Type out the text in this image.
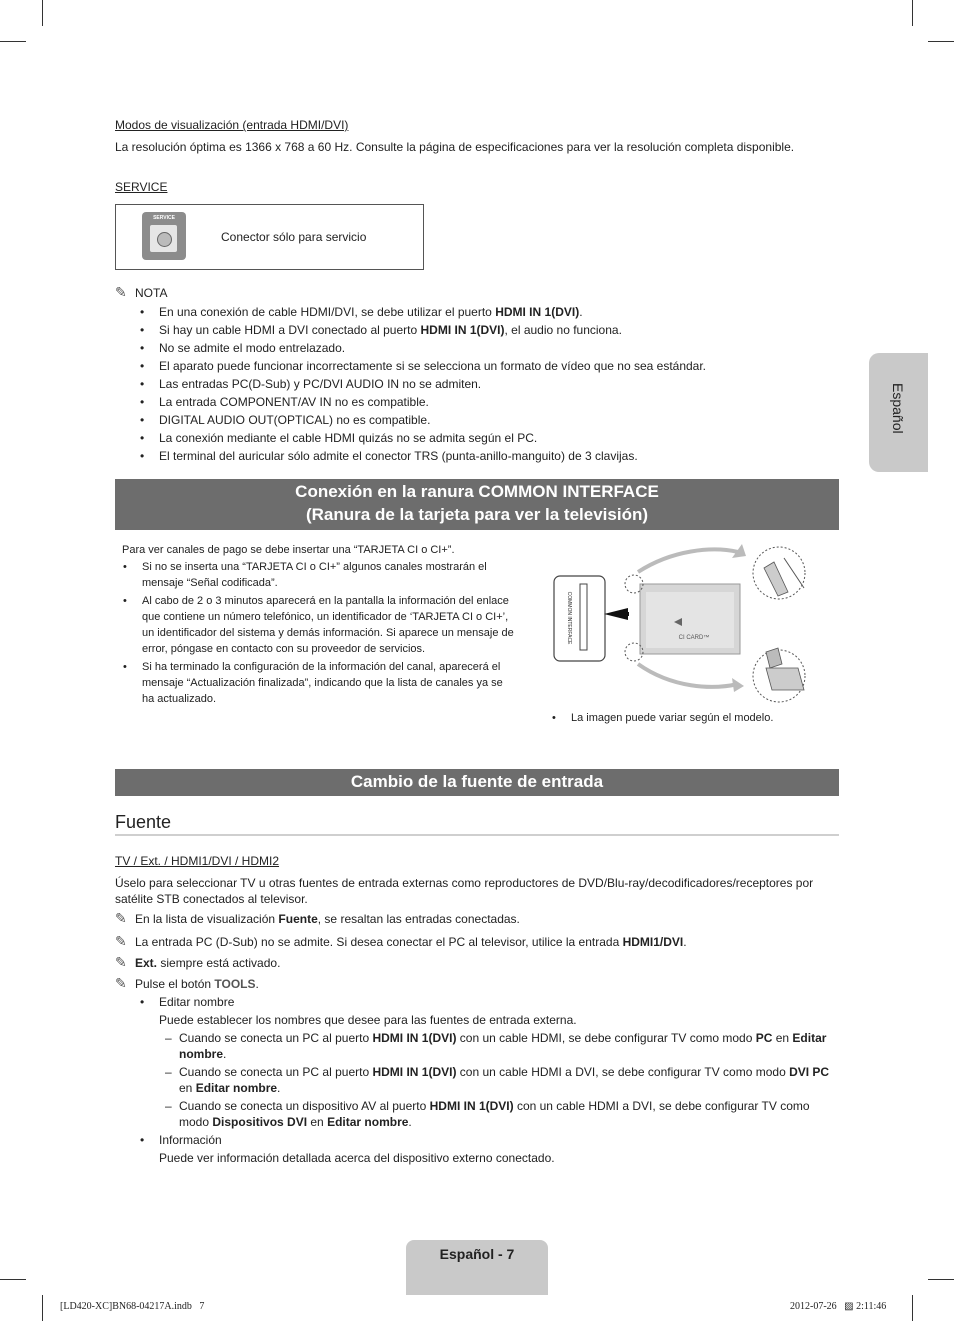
Modos de visualización (entrada HDMI/DVI)
La resolución óptima es 1366 x 768 a 60 Hz. Consulte la página de especificaciones para ver la resolución completa disponible.
SERVICE
SERVICE
Conector sólo para servicio
✎ NOTA
• En una conexión de cable HDMI/DVI, se debe utilizar el puerto HDMI IN 1(DVI).
• Si hay un cable HDMI a DVI conectado al puerto HDMI IN 1(DVI), el audio no funciona.
• No se admite el modo entrelazado.
• El aparato puede funcionar incorrectamente si se selecciona un formato de vídeo que no sea estándar.
• Las entradas PC(D-Sub) y PC/DVI AUDIO IN no se admiten.
• La entrada COMPONENT/AV IN no es compatible.
• DIGITAL AUDIO OUT(OPTICAL) no es compatible.
• La conexión mediante el cable HDMI quizás no se admita según el PC.
• El terminal del auricular sólo admite el conector TRS (punta-anillo-manguito) de 3 clavijas.
Español
Conexión en la ranura COMMON INTERFACE
(Ranura de la tarjeta para ver la televisión)
Para ver canales de pago se debe insertar una “TARJETA CI o CI+”.
• Si no se inserta una “TARJETA CI o CI+” algunos canales mostrarán el mensaje “Señal codificada”.
• Al cabo de 2 o 3 minutos aparecerá en la pantalla la información del enlace que contiene un número telefónico, un identificador de ‘TARJETA CI o CI+’, un identificador del sistema y demás información. Si aparece un mensaje de error, póngase en contacto con su proveedor de servicios.
• Si ha terminado la configuración de la información del canal, aparecerá el mensaje “Actualización finalizada”, indicando que la lista de canales ya se ha actualizado.
COMMON INTERFACE	CI CARD™
• La imagen puede variar según el modelo.
Cambio de la fuente de entrada
Fuente
TV / Ext. / HDMI1/DVI / HDMI2
Úselo para seleccionar TV u otras fuentes de entrada externas como reproductores de DVD/Blu-ray/decodificadores/receptores por satélite STB conectados al televisor.
✎ En la lista de visualización Fuente, se resaltan las entradas conectadas.
✎ La entrada PC (D-Sub) no se admite. Si desea conectar el PC al televisor, utilice la entrada HDMI1/DVI.
✎ Ext. siempre está activado.
✎ Pulse el botón TOOLS.
• Editar nombre
Puede establecer los nombres que desee para las fuentes de entrada externa.
– Cuando se conecta un PC al puerto HDMI IN 1(DVI) con un cable HDMI, se debe configurar TV como modo PC en Editar nombre.
– Cuando se conecta un PC al puerto HDMI IN 1(DVI) con un cable HDMI a DVI, se debe configurar TV como modo DVI PC en Editar nombre.
– Cuando se conecta un dispositivo AV al puerto HDMI IN 1(DVI) con un cable HDMI a DVI, se debe configurar TV como modo Dispositivos DVI en Editar nombre.
• Información
Puede ver información detallada acerca del dispositivo externo conectado.
Español - 7
[LD420-XC]BN68-04217A.indb   7	2012-07-26   ▨ 2:11:46
